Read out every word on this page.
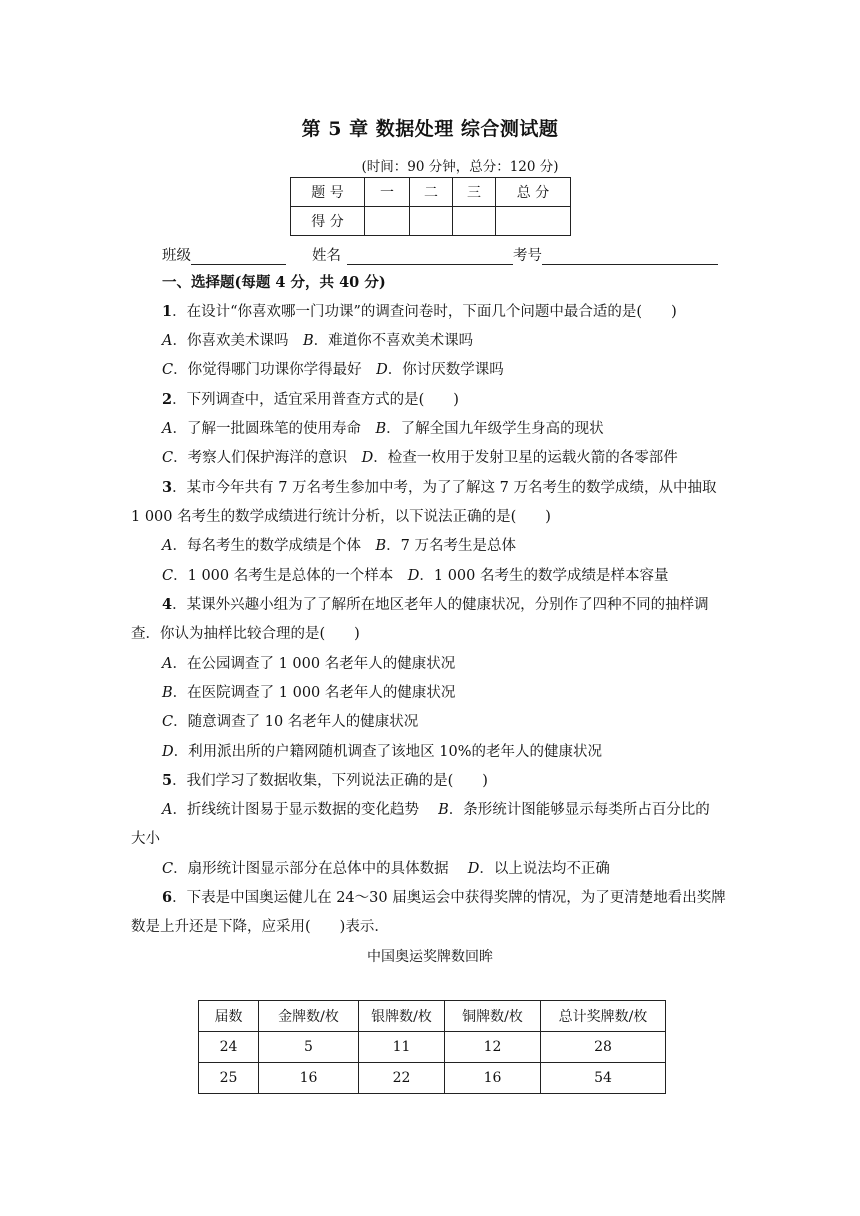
第 5 章 数据处理 综合测试题
(时间：90 分钟，总分：120 分)
题 号	一	二	三	总 分
得 分				
班级	姓名	考号
一、选择题(每题 4 分，共 40 分)
1．在设计“你喜欢哪一门功课”的调查问卷时，下面几个问题中最合适的是(　　)
A．你喜欢美术课吗　B．难道你不喜欢美术课吗
C．你觉得哪门功课你学得最好　D．你讨厌数学课吗
2．下列调查中，适宜采用普查方式的是(　　)
A．了解一批圆珠笔的使用寿命　B．了解全国九年级学生身高的现状
C．考察人们保护海洋的意识　D．检查一枚用于发射卫星的运载火箭的各零部件
3．某市今年共有 7 万名考生参加中考，为了了解这 7 万名考生的数学成绩，从中抽取
1 000 名考生的数学成绩进行统计分析，以下说法正确的是(　　)
A．每名考生的数学成绩是个体　B．7 万名考生是总体
C．1 000 名考生是总体的一个样本　D．1 000 名考生的数学成绩是样本容量
4．某课外兴趣小组为了了解所在地区老年人的健康状况，分别作了四种不同的抽样调
查．你认为抽样比较合理的是(　　)
A．在公园调查了 1 000 名老年人的健康状况
B．在医院调查了 1 000 名老年人的健康状况
C．随意调查了 10 名老年人的健康状况
D．利用派出所的户籍网随机调查了该地区 10%的老年人的健康状况
5．我们学习了数据收集，下列说法正确的是(　　)
A．折线统计图易于显示数据的变化趋势　 B．条形统计图能够显示每类所占百分比的
大小
C．扇形统计图显示部分在总体中的具体数据　 D．以上说法均不正确
6．下表是中国奥运健儿在 24～30 届奥运会中获得奖牌的情况，为了更清楚地看出奖牌
数是上升还是下降，应采用(　　)表示．
中国奥运奖牌数回眸
届数	金牌数/枚	银牌数/枚	铜牌数/枚	总计奖牌数/枚
24	5	11	12	28
25	16	22	16	54
